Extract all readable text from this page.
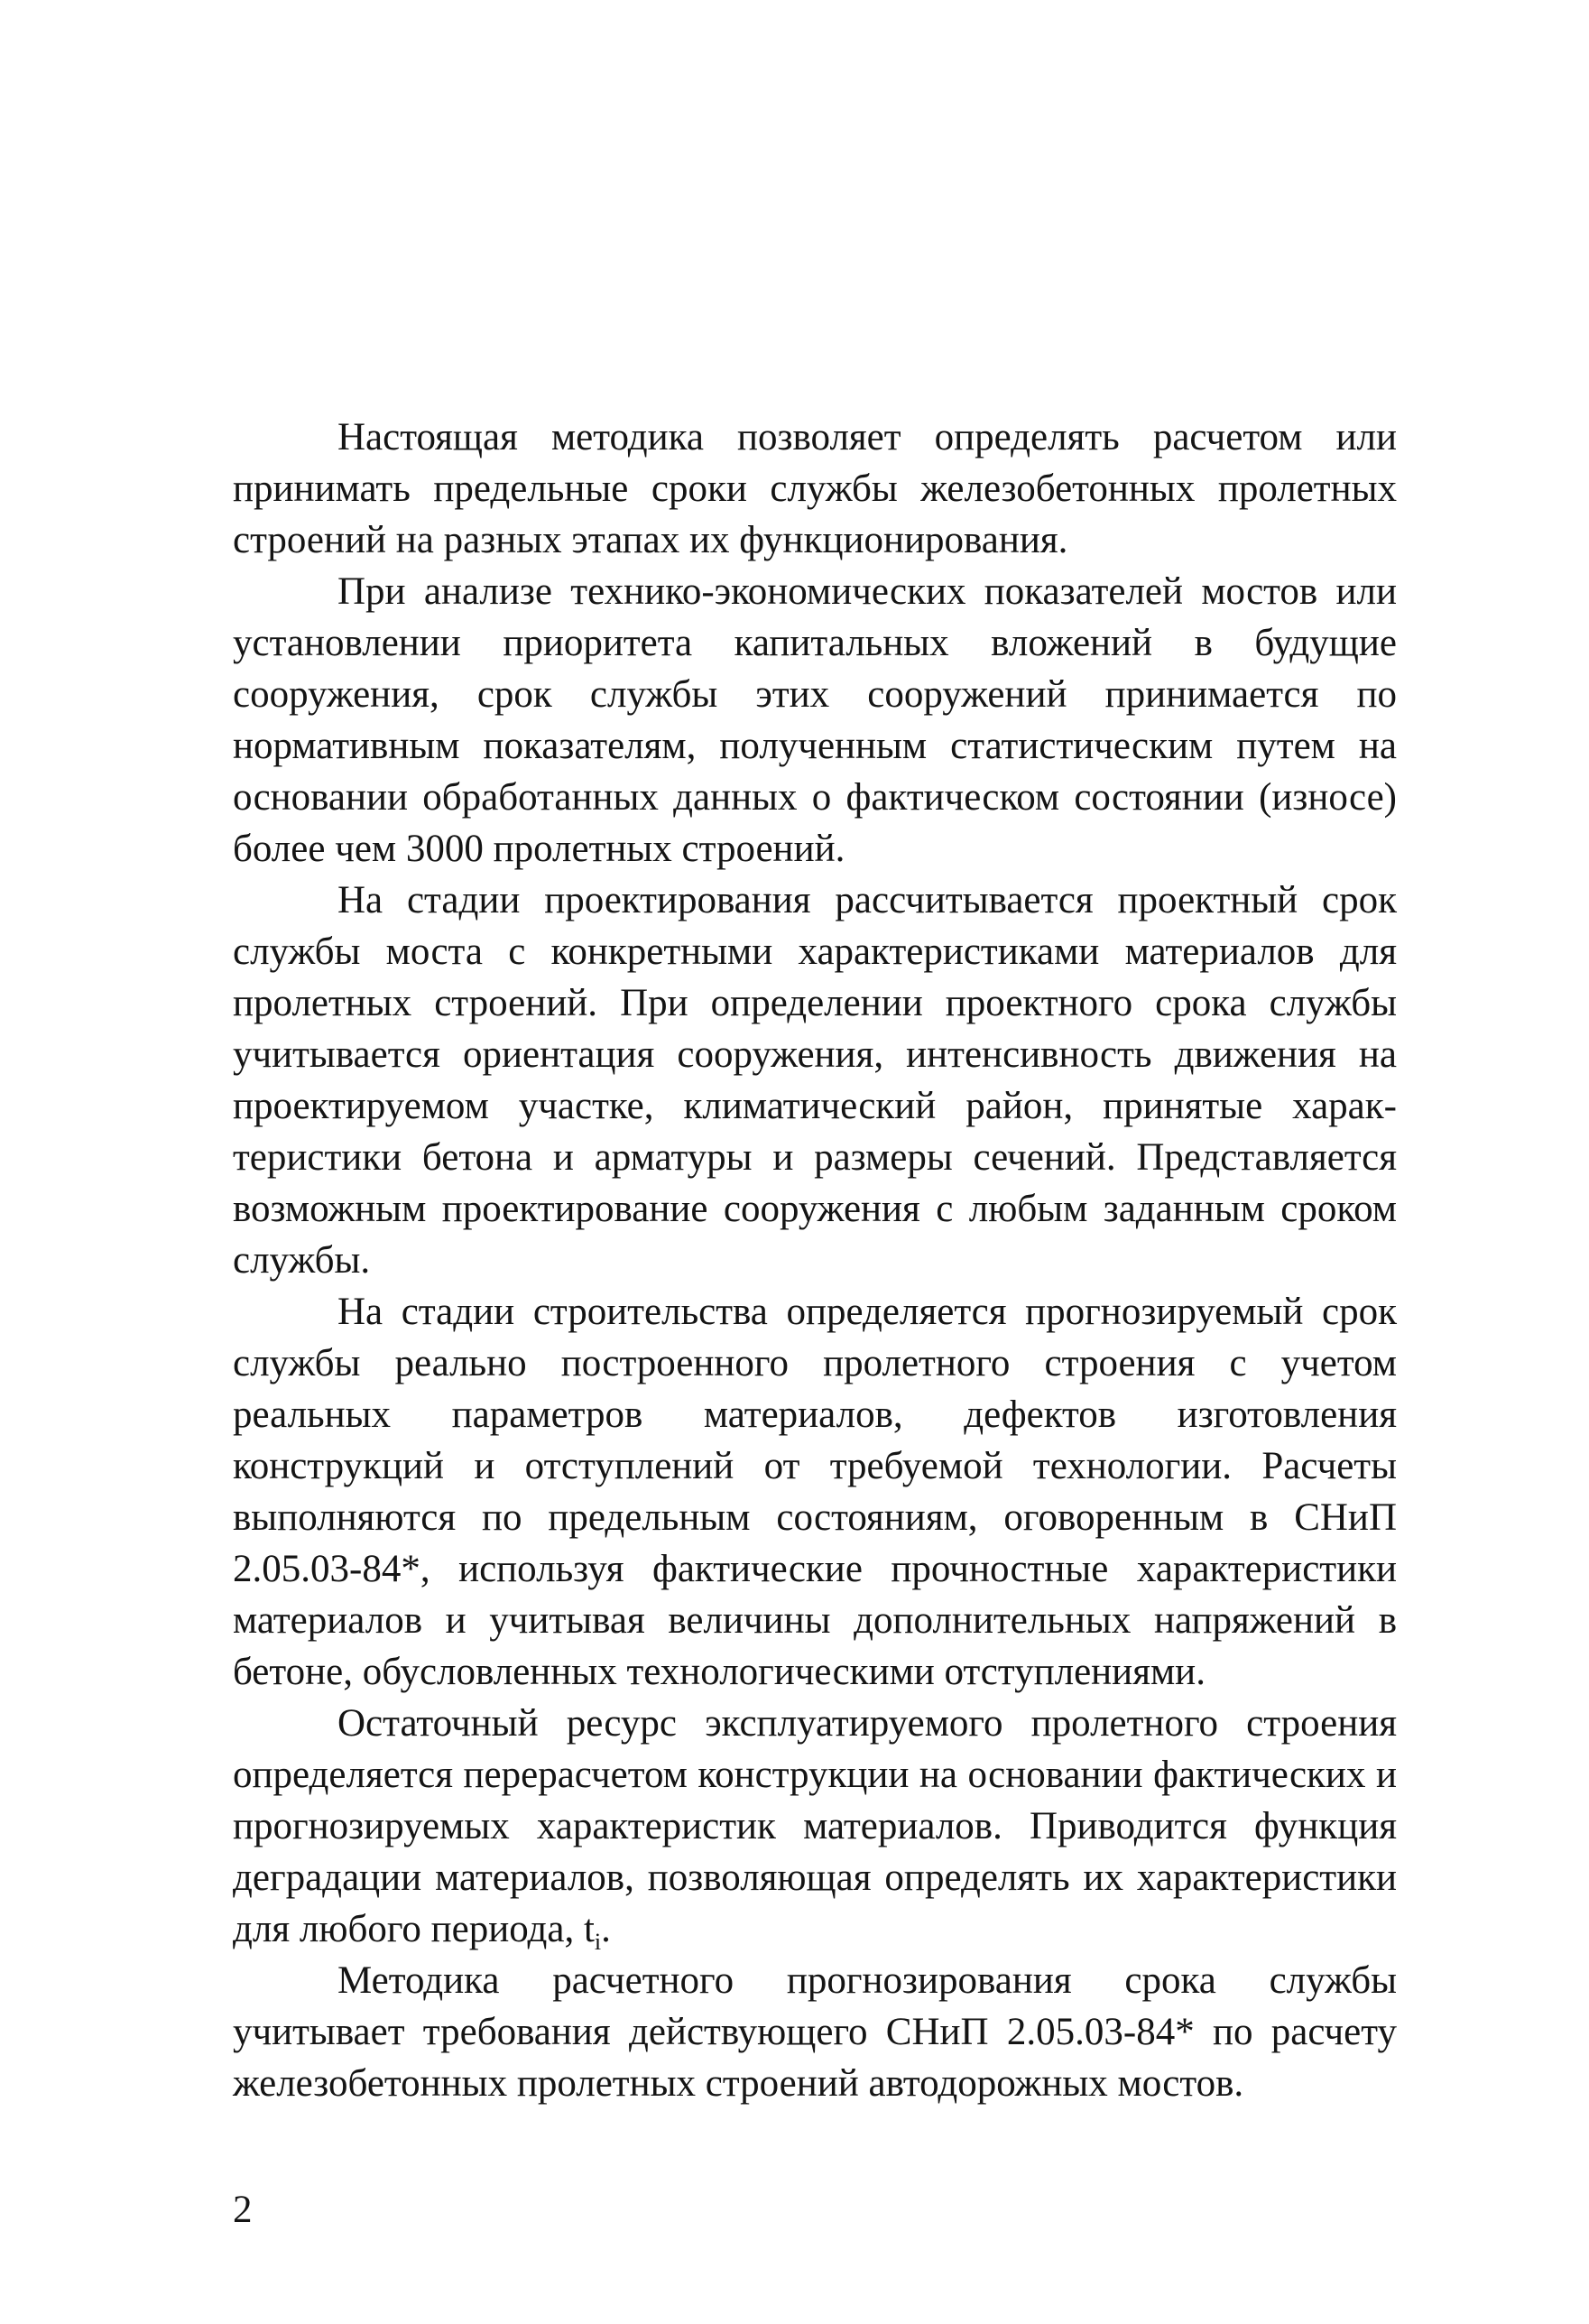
Настоящая методика позволяет определять расчетом или принимать предельные сроки службы железобетонных пролетных строений на разных этапах их функционирования.

При анализе технико-экономических показателей мостов или установлении приоритета капитальных вложений в будущие сооружения, срок службы этих сооружений принимается по нормативным показателям, полученным статистическим путем на основании обработанных данных о фактическом состоянии (износе) более чем 3000 пролетных строений.

На стадии проектирования рассчитывается проектный срок службы моста с конкретными характеристиками материалов для пролетных строений. При определении проектного срока службы учитывается ориентация сооружения, интенсивность движения на проектируемом участке, климатический район, принятые характеристики бетона и арматуры и размеры сечений. Представляется возможным проектирование сооружения с любым заданным сроком службы.

На стадии строительства определяется прогнозируемый срок службы реально построенного пролетного строения с учетом реальных параметров материалов, дефектов изготовления конструкций и отступлений от требуемой технологии. Расчеты выполняются по предельным состояниям, оговоренным в СНиП 2.05.03-84*, используя фактические прочностные характеристики материалов и учитывая величины дополнительных напряжений в бетоне, обусловленных технологическими отступлениями.

Остаточный ресурс эксплуатируемого пролетного строения определяется перерасчетом конструкции на основании фактических и прогнозируемых характеристик материалов. Приводится функция деградации материалов, позволяющая определять их характеристики для любого периода, $t_i$.

Методика расчетного прогнозирования срока службы учитывает требования действующего СНиП 2.05.03-84* по расчету железобетонных пролетных строений автодорожных мостов.

2
